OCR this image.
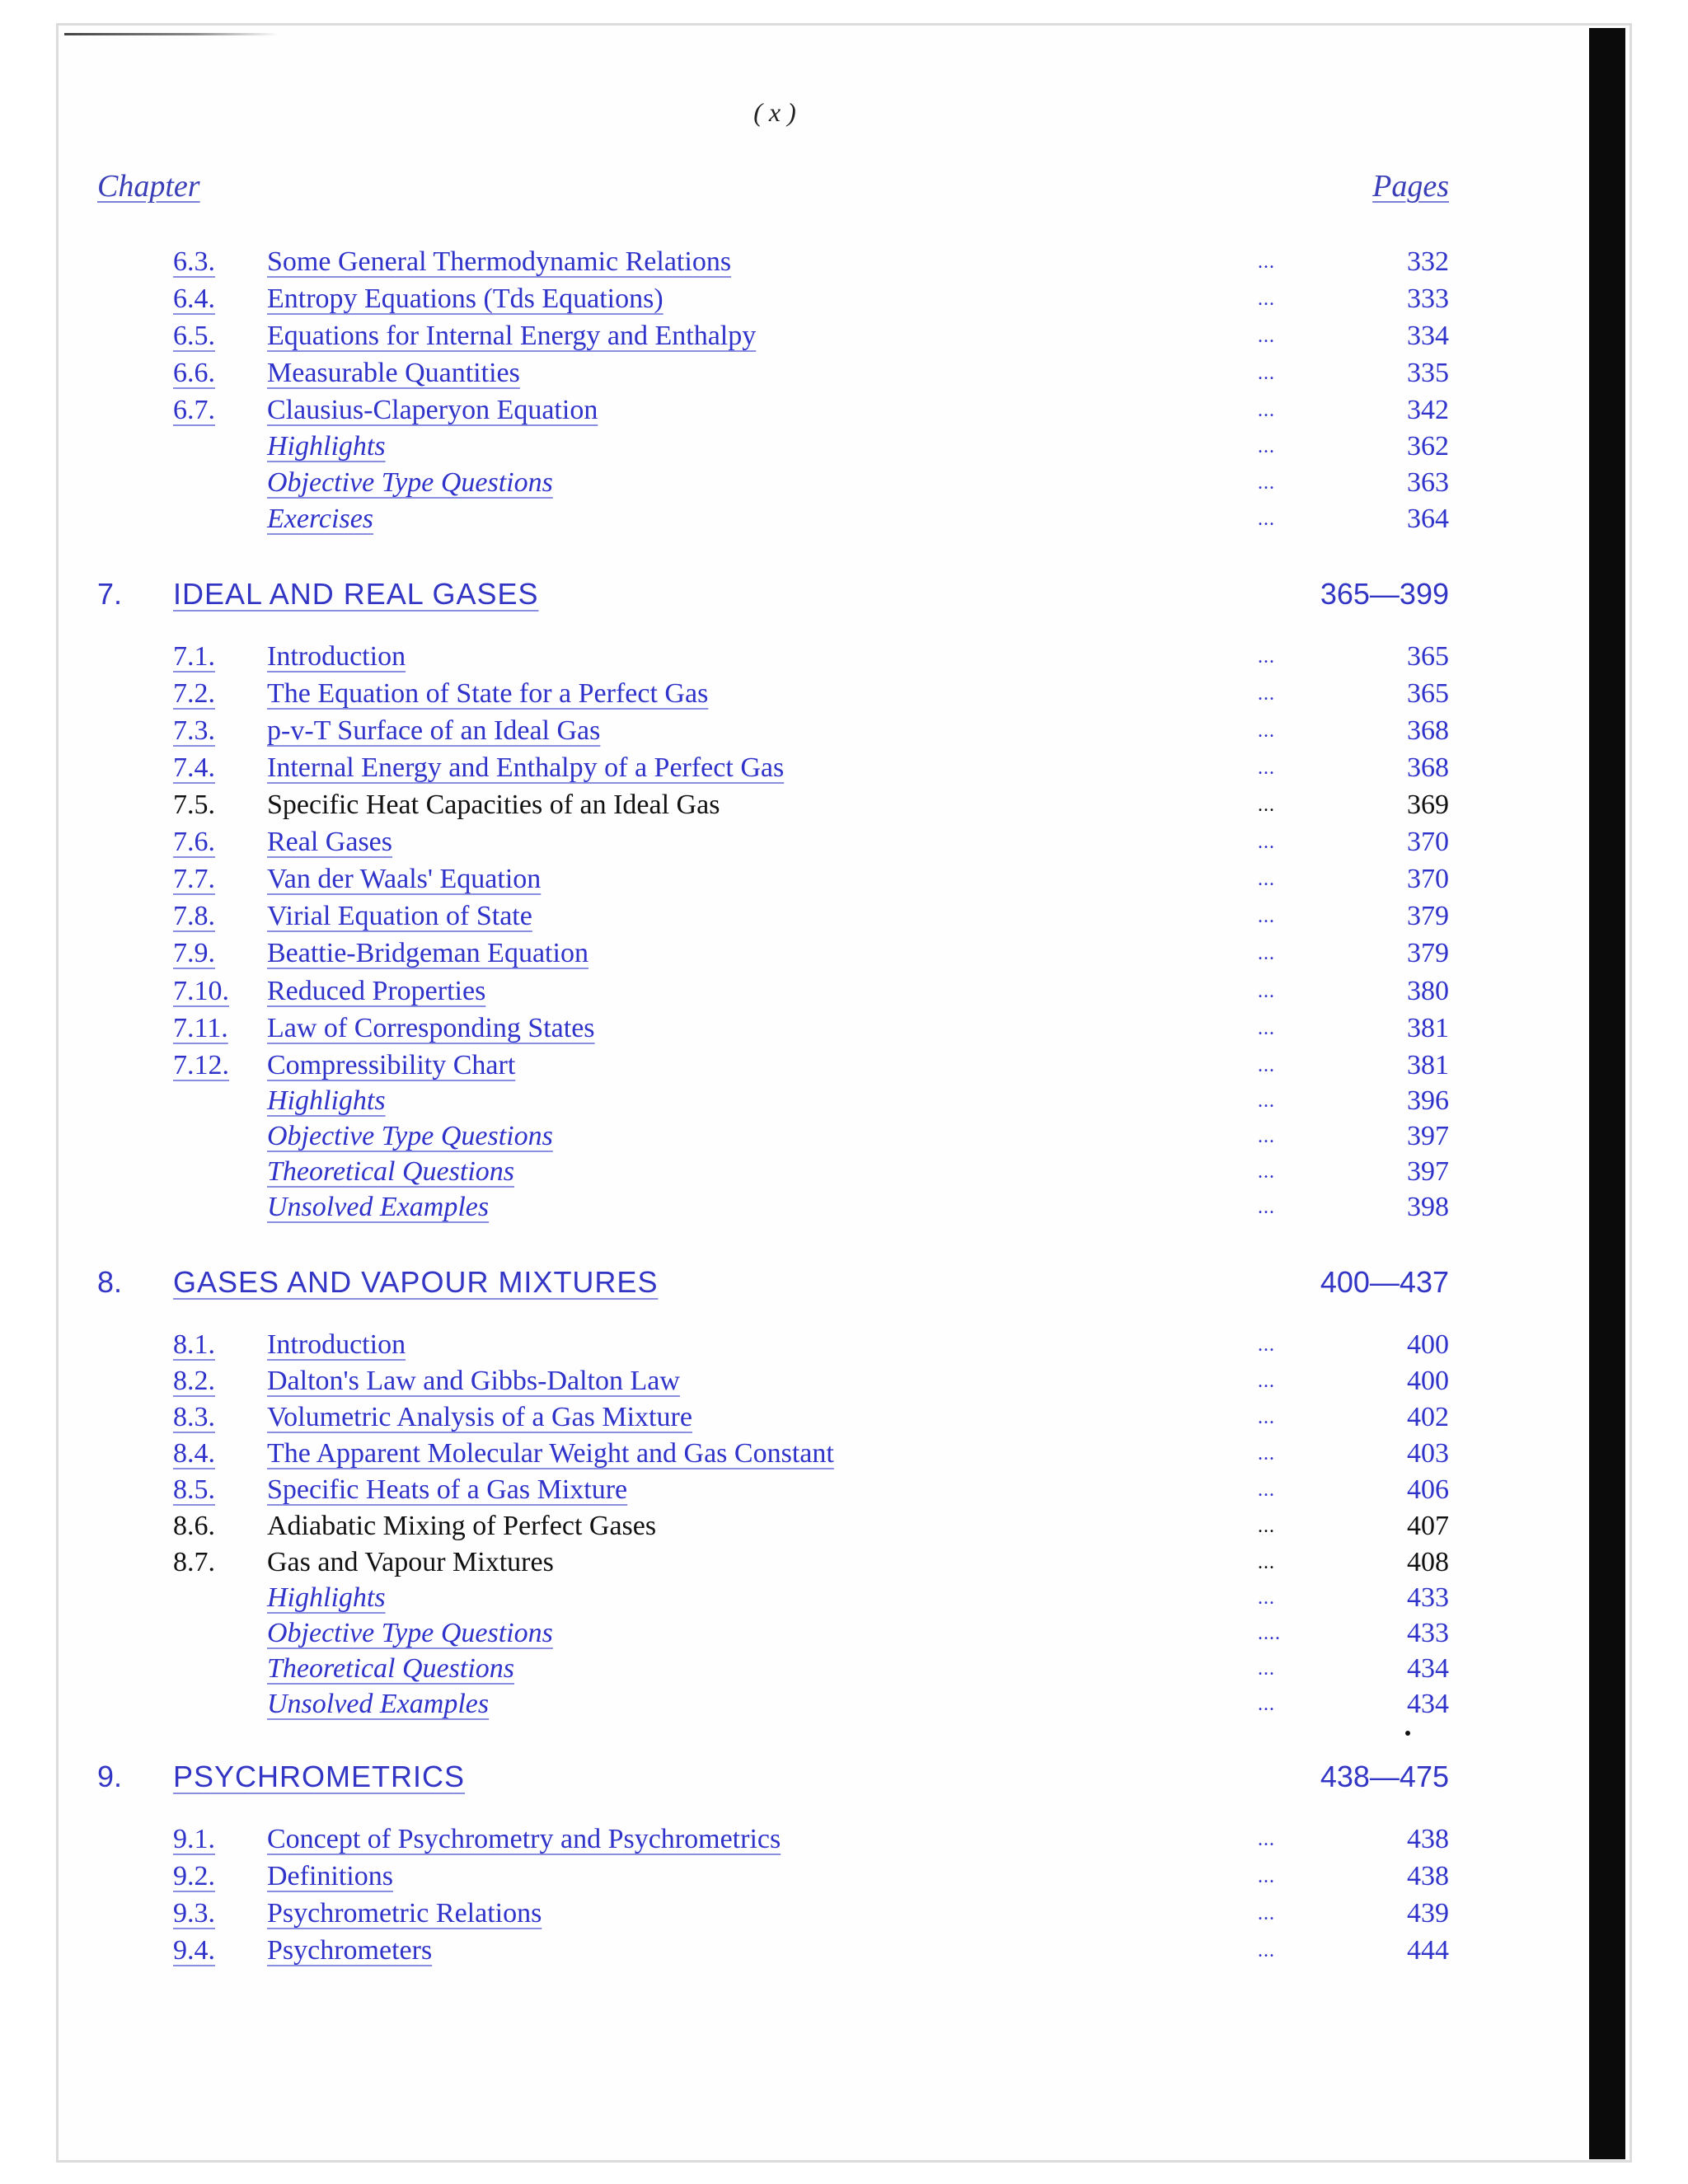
( x )
Chapter	Pages
6.3. Some General Thermodynamic Relations	...	332
6.4. Entropy Equations (Tds Equations)	...	333
6.5. Equations for Internal Energy and Enthalpy	...	334
6.6. Measurable Quantities	...	335
6.7. Clausius-Claperyon Equation	...	342
Highlights	...	362
Objective Type Questions	...	363
Exercises	...	364
7. IDEAL AND REAL GASES	365—399
7.1. Introduction	...	365
7.2. The Equation of State for a Perfect Gas	...	365
7.3. p-v-T Surface of an Ideal Gas	...	368
7.4. Internal Energy and Enthalpy of a Perfect Gas	...	368
7.5. Specific Heat Capacities of an Ideal Gas	...	369
7.6. Real Gases	...	370
7.7. Van der Waals' Equation	...	370
7.8. Virial Equation of State	...	379
7.9. Beattie-Bridgeman Equation	...	379
7.10. Reduced Properties	...	380
7.11. Law of Corresponding States	...	381
7.12. Compressibility Chart	...	381
Highlights	...	396
Objective Type Questions	...	397
Theoretical Questions	...	397
Unsolved Examples	...	398
8. GASES AND VAPOUR MIXTURES	400—437
8.1. Introduction	...	400
8.2. Dalton's Law and Gibbs-Dalton Law	...	400
8.3. Volumetric Analysis of a Gas Mixture	...	402
8.4. The Apparent Molecular Weight and Gas Constant	...	403
8.5. Specific Heats of a Gas Mixture	...	406
8.6. Adiabatic Mixing of Perfect Gases	...	407
8.7. Gas and Vapour Mixtures	...	408
Highlights	...	433
Objective Type Questions	....	433
Theoretical Questions	...	434
Unsolved Examples	...	434
9. PSYCHROMETRICS	438—475
9.1. Concept of Psychrometry and Psychrometrics	...	438
9.2. Definitions	...	438
9.3. Psychrometric Relations	...	439
9.4. Psychrometers	...	444
